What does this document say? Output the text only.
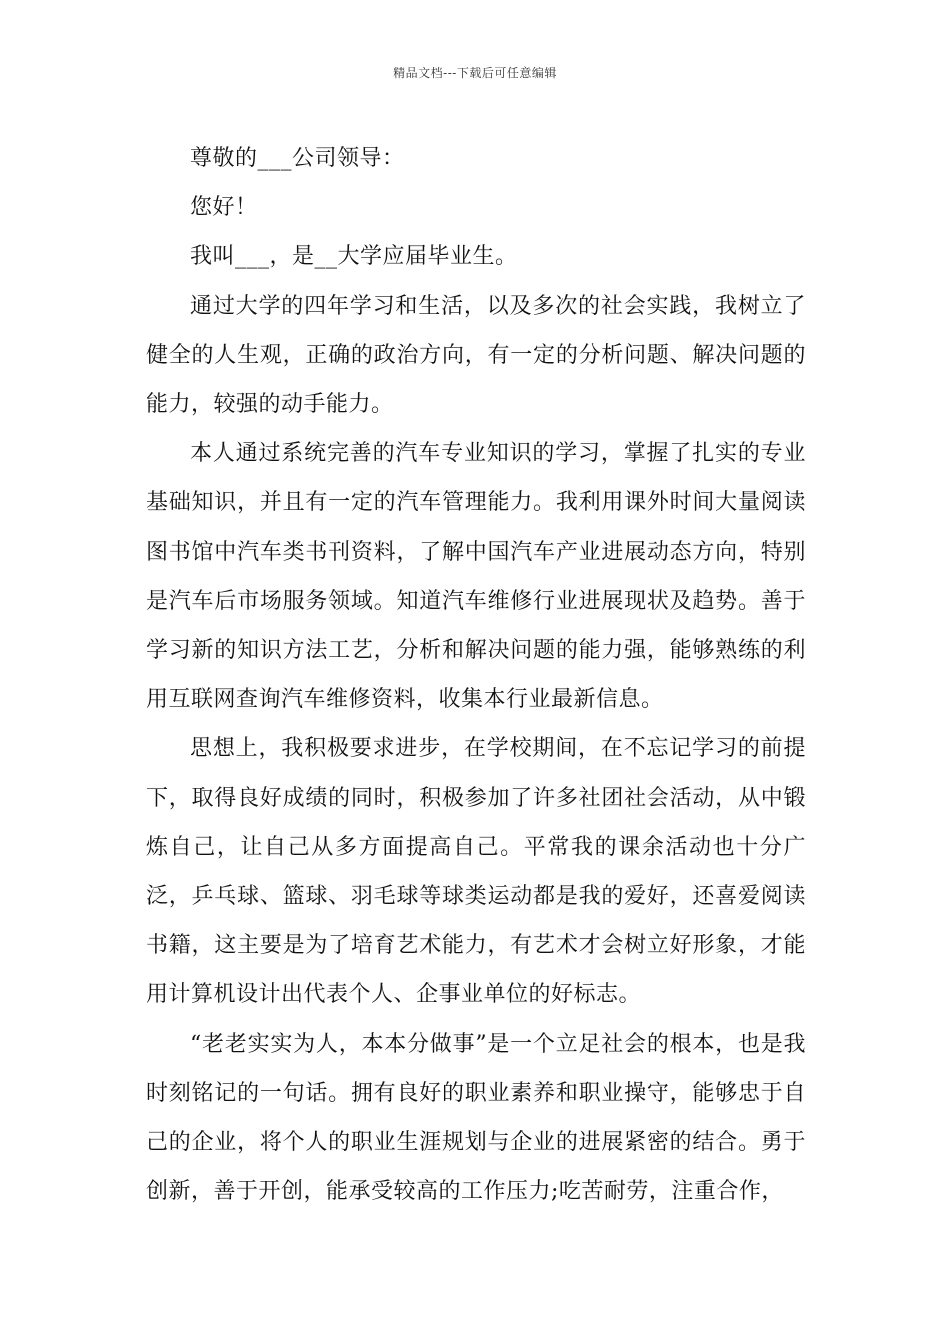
精品文档---下载后可任意编辑

尊敬的___公司领导：

您好！

我叫___，是__大学应届毕业生。

通过大学的四年学习和生活，以及多次的社会实践，我树立了健全的人生观，正确的政治方向，有一定的分析问题、解决问题的能力，较强的动手能力。

本人通过系统完善的汽车专业知识的学习，掌握了扎实的专业基础知识，并且有一定的汽车管理能力。我利用课外时间大量阅读图书馆中汽车类书刊资料，了解中国汽车产业进展动态方向，特别是汽车后市场服务领域。知道汽车维修行业进展现状及趋势。善于学习新的知识方法工艺，分析和解决问题的能力强，能够熟练的利用互联网查询汽车维修资料，收集本行业最新信息。

思想上，我积极要求进步，在学校期间，在不忘记学习的前提下，取得良好成绩的同时，积极参加了许多社团社会活动，从中锻炼自己，让自己从多方面提高自己。平常我的课余活动也十分广泛，乒乓球、篮球、羽毛球等球类运动都是我的爱好，还喜爱阅读书籍，这主要是为了培育艺术能力，有艺术才会树立好形象，才能用计算机设计出代表个人、企事业单位的好标志。

“老老实实为人，本本分做事”是一个立足社会的根本，也是我时刻铭记的一句话。拥有良好的职业素养和职业操守，能够忠于自己的企业，将个人的职业生涯规划与企业的进展紧密的结合。勇于创新，善于开创，能承受较高的工作压力;吃苦耐劳，注重合作，
